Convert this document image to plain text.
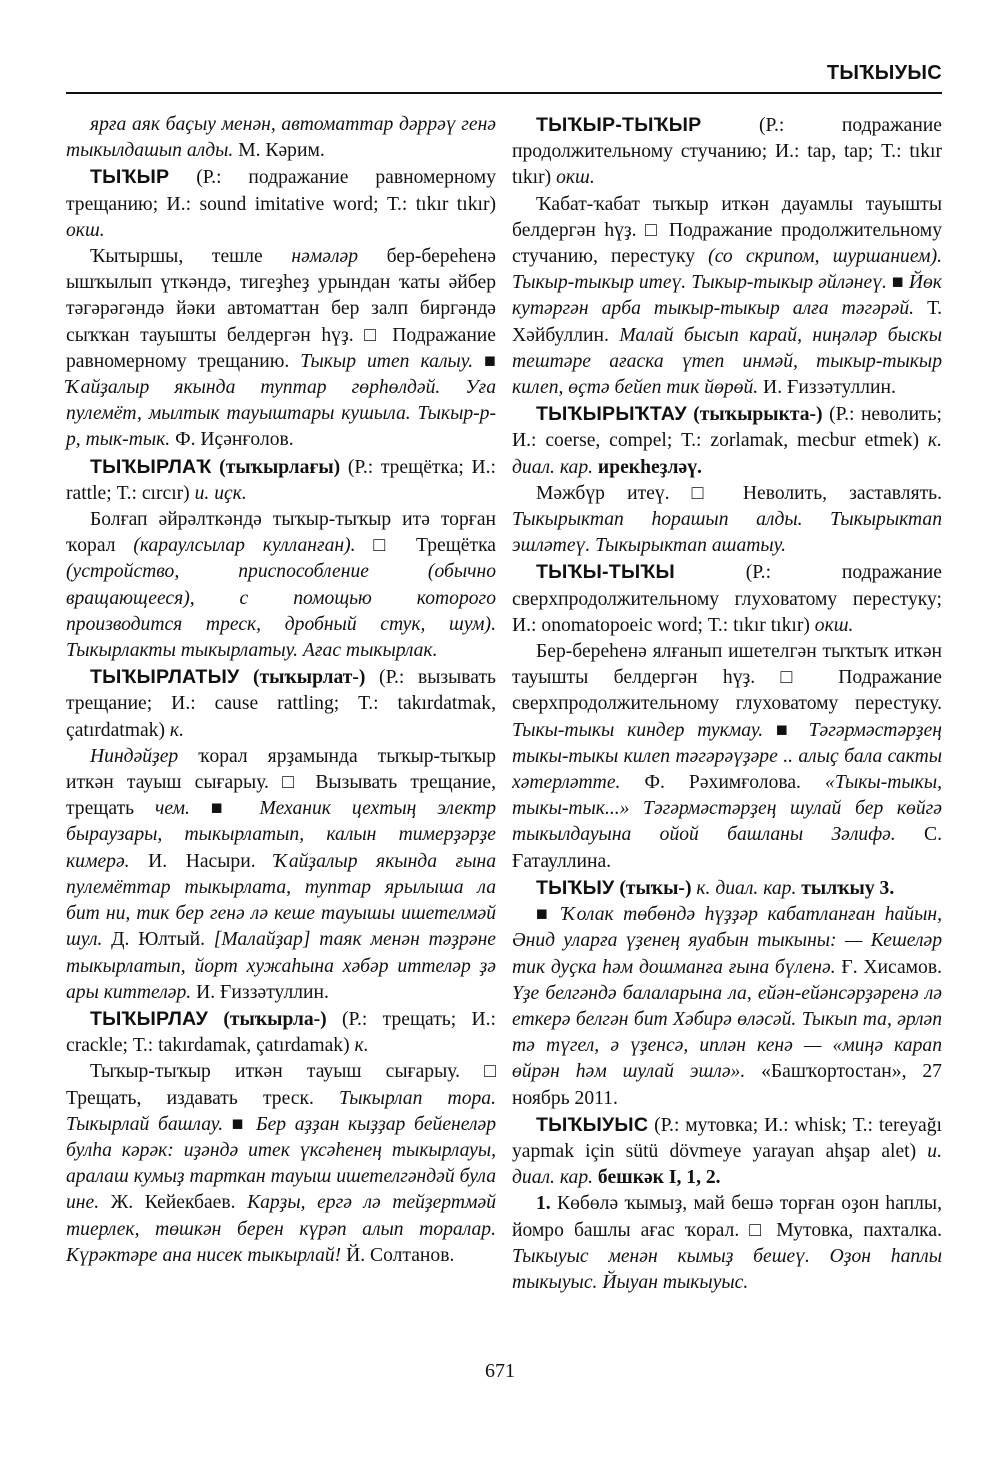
ТЫҠЫУЫС

ярға аяк баҫыу менән, автоматтар дәррәү генә тыкылдашып алды. М. Кәрим.

ТЫҠЫР (Р.: подражание равномерному трещанию; И.: sound imitative word; Т.: tıkır tıkır) окш.

Ҡытыршы, тешле нәмәләр бер-береһенә ышҡылып үткәндә, тигеҙһеҙ урындан ҡаты әйбер тәгәрәгәндә йәки автоматтан бер залп биргәндә сыҡҡан тауышты белдергән һүҙ. □ Подражание равномерному трещанию. Тыкыр итеп калыу. ■ Ҡайҙалыр якында туптар гөрһөлдәй. Уға пулемёт, мылтык тауыштары кушыла. Тыкыр-р-р, тык-тык. Ф. Иҫәнғолов.

ТЫҠЫРЛАҠ (тыҡырлағы) (Р.: трещётка; И.: rattle; Т.: cırcır) и. иҫк.

Болғап әйрәлткәндә тыҡыр-тыҡыр итә торған ҡорал (караулсылар кулланған). □ Трещётка (устройство, приспособление (обычно вращающееся), с помощью которого производится треск, дробный стук, шум). Тыкырлакты тыкырлатыу. Ағас тыкырлак.

ТЫҠЫРЛАТЫУ (тыҡырлат-) (Р.: вызывать трещание; И.: cause rattling; Т.: takırdatmak, çatırdatmak) к.

Ниндәйҙер ҡорал ярҙамында тыҡыр-тыҡыр иткән тауыш сығарыу. □ Вызывать трещание, трещать чем. ■ Механик цехтың электр быраузары, тыкырлатып, калын тимерҙәрҙе кимерә. И. Насыри. Ҡайҙалыр якында ғына пулемёттар тыкырлата, туптар ярылыша ла бит ни, тик бер генә лә кеше тауышы ишетелмәй шул. Д. Юлтый. [Малайҙар] таяк менән тәҙрәне тыкырлатып, йорт хужаһына хәбәр иттеләр ҙә ары киттеләр. И. Ғиззәтуллин.

ТЫҠЫРЛАУ (тыҡырла-) (Р.: трещать; И.: crackle; Т.: takırdamak, çatırdamak) к.

Тыҡыр-тыҡыр иткән тауыш сығарыу. □ Трещать, издавать треск. Тыкырлап тора. Тыкырлай башлау. ■ Бер аҙҙан кыҙҙар бейенеләр булһа кәрәк: иҙәндә итек үксәһенең тыкырлауы, аралаш кумыҙ тарткан тауыш ишетелгәндәй була ине. Ж. Кейекбаев. Карҙы, ергә лә тейҙертмәй тиерлек, төшкән берен күрәп алып торалар. Күрәктәре ана нисек тыкырлай! Й. Солтанов.

ТЫҠЫР-ТЫҠЫР (Р.: подражание продолжительному стучанию; И.: tap, tap; Т.: tıkır tıkır) окш.

Ҡабат-ҡабат тыҡыр иткән дауамлы тауышты белдергән һүҙ. □ Подражание продолжительному стучанию, перестуку (со скрипом, шуршанием). Тыкыр-тыкыр итеү. Тыкыр-тыкыр әйләнеү. ■ Йөк кутәргән арба тыкыр-тыкыр алға тәгәрәй. Т. Хәйбуллин. Малай бысып карай, ниңәләр быскы тештәре ағаска үтеп инмәй, тыкыр-тыкыр килеп, өҫтә бейеп тик йөрөй. И. Ғиззәтуллин.

ТЫҠЫРЫҠТАУ (тыҡырыкта-) (Р.: неволить; И.: coerse, compel; Т.: zorlamak, mecbur etmek) к. диал. кар. ирекһеҙләү.

Мәжбүр итеү. □ Неволить, заставлять. Тыкырыктап һорашып алды. Тыкырыктап эшләтеү. Тыкырыктап ашатыу.

ТЫҠЫ-ТЫҠЫ (Р.: подражание сверхпродолжительному глуховатому перестуку; И.: onomatopoeic word; Т.: tıkır tıkır) окш.

Бер-береһенә ялғанып ишетелгән тыҡтыҡ иткән тауышты белдергән һүҙ. □ Подражание сверхпродолжительному глуховатому перестуку. Тыкы-тыкы киндер тукмау. ■ Тәгәрмәстәрҙең тыкы-тыкы килеп тәгәрәүҙәре .. алыҫ бала сакты хәтерләтте. Ф. Рәхимғолова. «Тыкы-тыкы, тыкы-тык...» Тәгәрмәстәрҙең шулай бер көйгә тыкылдауына ойой башланы Зәлифә. С. Ғатауллина.

ТЫҠЫУ (тыҡы-) к. диал. кар. тылҡыу 3.

■ Ҡолак төбөндә һүҙҙәр кабатланған һайын, Әнид уларға үҙенең яуабын тыкыны: — Кешеләр тик дуҫка һәм дошманға ғына бүленә. Ғ. Хисамов. Үҙе белгәндә балаларына ла, ейән-ейәнсәрҙәренә лә еткерә белгән бит Хәбирә өләсәй. Тыкып та, әрләп тә түгел, ә үҙенсә, иплән кенә — «миңә карап өйрән һәм шулай эшлә». «Башҡортостан», 27 ноябрь 2011.

ТЫҠЫУЫС (Р.: мутовка; И.: whisk; Т.: tereyağı yapmak için sütü dövmeye yarayan ahşap alet) и. диал. кар. бешкәк I, 1, 2.

1. Көбөлә ҡымыҙ, май бешә торған оҙон һаплы, йомро башлы ағас ҡорал. □ Мутовка, пахталка. Тыкыуыс менән кымыҙ бешеү. Оҙон һаплы тыкыуыс. Йыуан тыкыуыс.

671
